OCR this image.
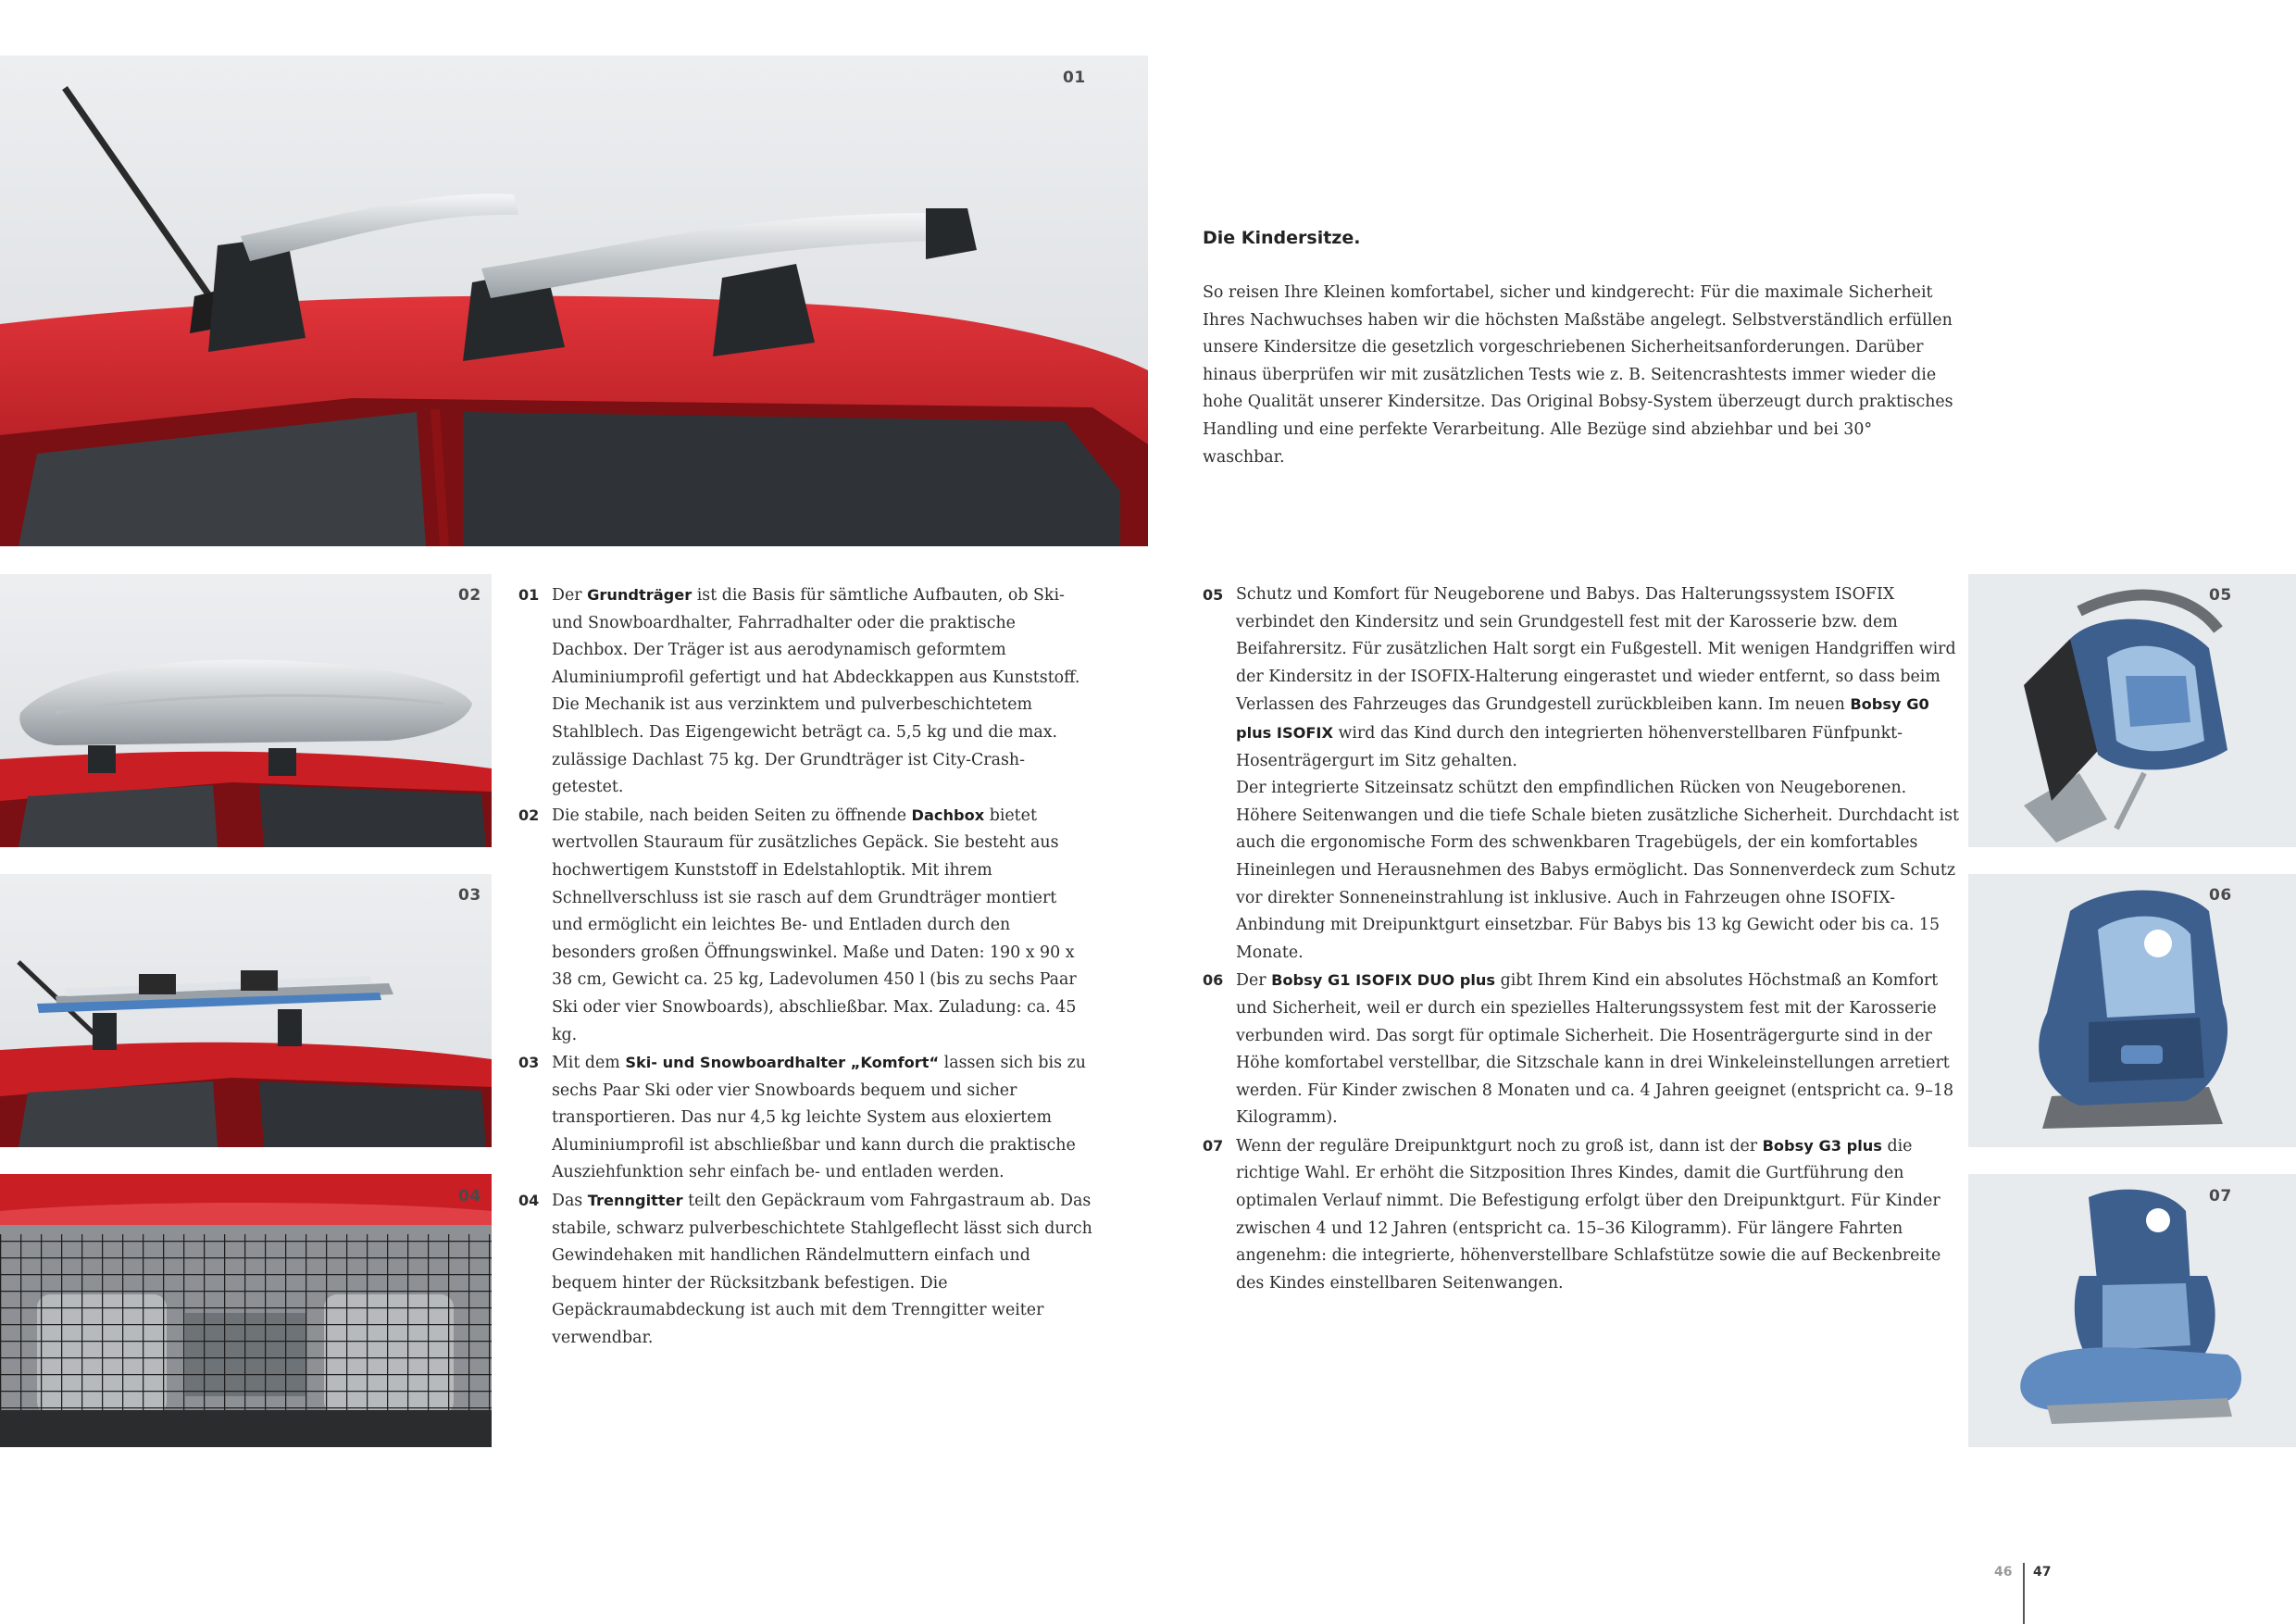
01
02
03
04
05
06
07
Die Kindersitze.

So reisen Ihre Kleinen komfortabel, sicher und kindgerecht: Für die maximale Sicherheit Ihres Nachwuchses haben wir die höchsten Maßstäbe angelegt. Selbstverständlich erfüllen unsere Kindersitze die gesetzlich vorgeschriebenen Sicherheitsanforderungen. Darüber hinaus überprüfen wir mit zusätzlichen Tests wie z. B. Seitencrashtests immer wieder die hohe Qualität unserer Kindersitze. Das Original Bobsy-System überzeugt durch praktisches Handling und eine perfekte Verarbeitung. Alle Bezüge sind abziehbar und bei 30° waschbar.

01 Der Grundträger ist die Basis für sämtliche Aufbauten, ob Ski- und Snowboardhalter, Fahrradhalter oder die praktische Dachbox. Der Träger ist aus aerodynamisch geformtem Aluminiumprofil gefertigt und hat Abdeckkappen aus Kunststoff. Die Mechanik ist aus verzinktem und pulverbeschichtetem Stahlblech. Das Eigengewicht beträgt ca. 5,5 kg und die max. zulässige Dachlast 75 kg. Der Grundträger ist City-Crash-getestet.

02 Die stabile, nach beiden Seiten zu öffnende Dachbox bietet wertvollen Stauraum für zusätzliches Gepäck. Sie besteht aus hochwertigem Kunststoff in Edelstahloptik. Mit ihrem Schnellverschluss ist sie rasch auf dem Grundträger montiert und ermöglicht ein leichtes Be- und Entladen durch den besonders großen Öffnungswinkel. Maße und Daten: 190 x 90 x 38 cm, Gewicht ca. 25 kg, Ladevolumen 450 l (bis zu sechs Paar Ski oder vier Snowboards), abschließbar. Max. Zuladung: ca. 45 kg.

03 Mit dem Ski- und Snowboardhalter „Komfort“ lassen sich bis zu sechs Paar Ski oder vier Snowboards bequem und sicher transportieren. Das nur 4,5 kg leichte System aus eloxiertem Aluminiumprofil ist abschließbar und kann durch die praktische Ausziehfunktion sehr einfach be- und entladen werden.

04 Das Trenngitter teilt den Gepäckraum vom Fahrgastraum ab. Das stabile, schwarz pulverbeschichtete Stahlgeflecht lässt sich durch Gewindehaken mit handlichen Rändelmuttern einfach und bequem hinter der Rücksitzbank befestigen. Die Gepäckraumabdeckung ist auch mit dem Trenngitter weiter verwendbar.

05 Schutz und Komfort für Neugeborene und Babys. Das Halterungssystem ISOFIX verbindet den Kindersitz und sein Grundgestell fest mit der Karosserie bzw. dem Beifahrersitz. Für zusätzlichen Halt sorgt ein Fußgestell. Mit wenigen Handgriffen wird der Kindersitz in der ISOFIX-Halterung eingerastet und wieder entfernt, so dass beim Verlassen des Fahrzeuges das Grundgestell zurückbleiben kann. Im neuen Bobsy G0 plus ISOFIX wird das Kind durch den integrierten höhenverstellbaren Fünfpunkt-Hosenträgergurt im Sitz gehalten.

Der integrierte Sitzeinsatz schützt den empfindlichen Rücken von Neugeborenen. Höhere Seitenwangen und die tiefe Schale bieten zusätzliche Sicherheit. Durchdacht ist auch die ergonomische Form des schwenkbaren Tragebügels, der ein komfortables Hineinlegen und Herausnehmen des Babys ermöglicht. Das Sonnenverdeck zum Schutz vor direkter Sonneneinstrahlung ist inklusive. Auch in Fahrzeugen ohne ISOFIX-Anbindung mit Dreipunktgurt einsetzbar. Für Babys bis 13 kg Gewicht oder bis ca. 15 Monate.

06 Der Bobsy G1 ISOFIX DUO plus gibt Ihrem Kind ein absolutes Höchstmaß an Komfort und Sicherheit, weil er durch ein spezielles Halterungssystem fest mit der Karosserie verbunden wird. Das sorgt für optimale Sicherheit. Die Hosenträgergurte sind in der Höhe komfortabel verstellbar, die Sitzschale kann in drei Winkeleinstellungen arretiert werden. Für Kinder zwischen 8 Monaten und ca. 4 Jahren geeignet (entspricht ca. 9–18 Kilogramm).

07 Wenn der reguläre Dreipunktgurt noch zu groß ist, dann ist der Bobsy G3 plus die richtige Wahl. Er erhöht die Sitzposition Ihres Kindes, damit die Gurtführung den optimalen Verlauf nimmt. Die Befestigung erfolgt über den Dreipunktgurt. Für Kinder zwischen 4 und 12 Jahren (entspricht ca. 15–36 Kilogramm). Für längere Fahrten angenehm: die integrierte, höhenverstellbare Schlafstütze sowie die auf Beckenbreite des Kindes einstellbaren Seitenwangen.

46 47
